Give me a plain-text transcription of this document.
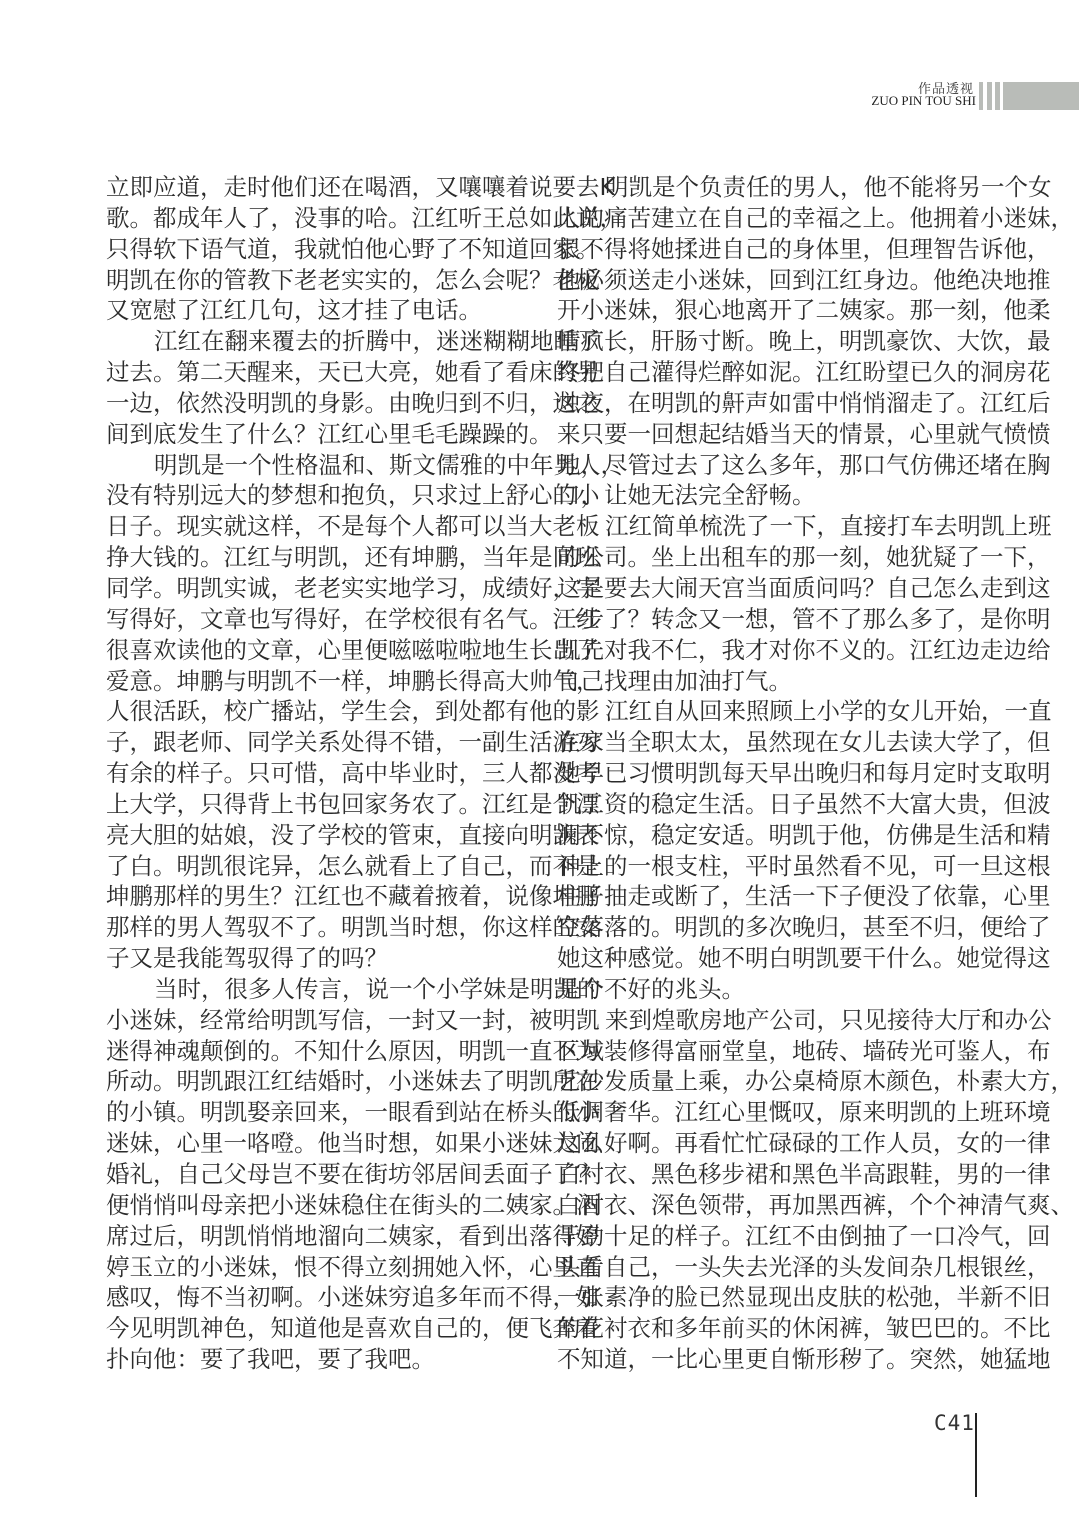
作品透视
ZUO PIN TOU SHI
立即应道，走时他们还在喝酒，又嚷嚷着说要去K
歌。都成年人了，没事的哈。江红听王总如此说，
只得软下语气道，我就怕他心野了不知道回家。
明凯在你的管教下老老实实的，怎么会呢？老板
又宽慰了江红几句，这才挂了电话。
江红在翻来覆去的折腾中，迷迷糊糊地睡了
过去。第二天醒来，天已大亮，她看了看床的另
一边，依然没明凯的身影。由晚归到不归，这之
间到底发生了什么？江红心里毛毛躁躁的。
明凯是一个性格温和、斯文儒雅的中年男人，
没有特别远大的梦想和抱负，只求过上舒心的小
日子。现实就这样，不是每个人都可以当大老板
挣大钱的。江红与明凯，还有坤鹏，当年是同班
同学。明凯实诚，老老实实地学习，成绩好，字
写得好，文章也写得好，在学校很有名气。江红
很喜欢读他的文章，心里便嗞嗞啦啦地生长出了
爱意。坤鹏与明凯不一样，坤鹏长得高大帅气，
人很活跃，校广播站，学生会，到处都有他的影
子，跟老师、同学关系处得不错，一副生活游刃
有余的样子。只可惜，高中毕业时，三人都没考
上大学，只得背上书包回家务农了。江红是个漂
亮大胆的姑娘，没了学校的管束，直接向明凯表
了白。明凯很诧异，怎么就看上了自己，而不是
坤鹏那样的男生？江红也不藏着掖着，说像坤鹏
那样的男人驾驭不了。明凯当时想，你这样的女
子又是我能驾驭得了的吗？
当时，很多人传言，说一个小学妹是明凯的
小迷妹，经常给明凯写信，一封又一封，被明凯
迷得神魂颠倒的。不知什么原因，明凯一直不为
所动。明凯跟江红结婚时，小迷妹去了明凯所在
的小镇。明凯娶亲回来，一眼看到站在桥头的小
迷妹，心里一咯噔。他当时想，如果小迷妹大闹
婚礼，自己父母岂不要在街坊邻居间丢面子了？
便悄悄叫母亲把小迷妹稳住在街头的二姨家。酒
席过后，明凯悄悄地溜向二姨家，看到出落得婷
婷玉立的小迷妹，恨不得立刻拥她入怀，心里直
感叹，悔不当初啊。小迷妹穷追多年而不得，如
今见明凯神色，知道他是喜欢自己的，便飞奔着
扑向他：要了我吧，要了我吧。
明凯是个负责任的男人，他不能将另一个女
人的痛苦建立在自己的幸福之上。他拥着小迷妹，
恨不得将她揉进自己的身体里，但理智告诉他，
他必须送走小迷妹，回到江红身边。他绝决地推
开小迷妹，狠心地离开了二姨家。那一刻，他柔
情疯长，肝肠寸断。晚上，明凯豪饮、大饮，最
终把自己灌得烂醉如泥。江红盼望已久的洞房花
烛夜，在明凯的鼾声如雷中悄悄溜走了。江红后
来只要一回想起结婚当天的情景，心里就气愤愤
地，尽管过去了这么多年，那口气仿佛还堵在胸
口，让她无法完全舒畅。
江红简单梳洗了一下，直接打车去明凯上班
的公司。坐上出租车的那一刻，她犹疑了一下，
这是要去大闹天宫当面质问吗？自己怎么走到这
一步了？转念又一想，管不了那么多了，是你明
凯先对我不仁，我才对你不义的。江红边走边给
自己找理由加油打气。
江红自从回来照顾上小学的女儿开始，一直
在家当全职太太，虽然现在女儿去读大学了，但
她早已习惯明凯每天早出晚归和每月定时支取明
凯工资的稳定生活。日子虽然不大富大贵，但波
澜不惊，稳定安适。明凯于他，仿佛是生活和精
神上的一根支柱，平时虽然看不见，可一旦这根
柱子抽走或断了，生活一下子便没了依靠，心里
空落落的。明凯的多次晚归，甚至不归，便给了
她这种感觉。她不明白明凯要干什么。她觉得这
是个不好的兆头。
来到煌歌房地产公司，只见接待大厅和办公
区域装修得富丽堂皇，地砖、墙砖光可鉴人，布
艺沙发质量上乘，办公桌椅原木颜色，朴素大方，
低调奢华。江红心里慨叹，原来明凯的上班环境
这么好啊。再看忙忙碌碌的工作人员，女的一律
白衬衣、黑色移步裙和黑色半高跟鞋，男的一律
白衬衣、深色领带，再加黑西裤，个个神清气爽、
干劲十足的样子。江红不由倒抽了一口冷气，回
头看自己，一头失去光泽的头发间杂几根银丝，
一张素净的脸已然显现出皮肤的松弛，半新不旧
的花衬衣和多年前买的休闲裤，皱巴巴的。不比
不知道，一比心里更自惭形秽了。突然，她猛地
C41
